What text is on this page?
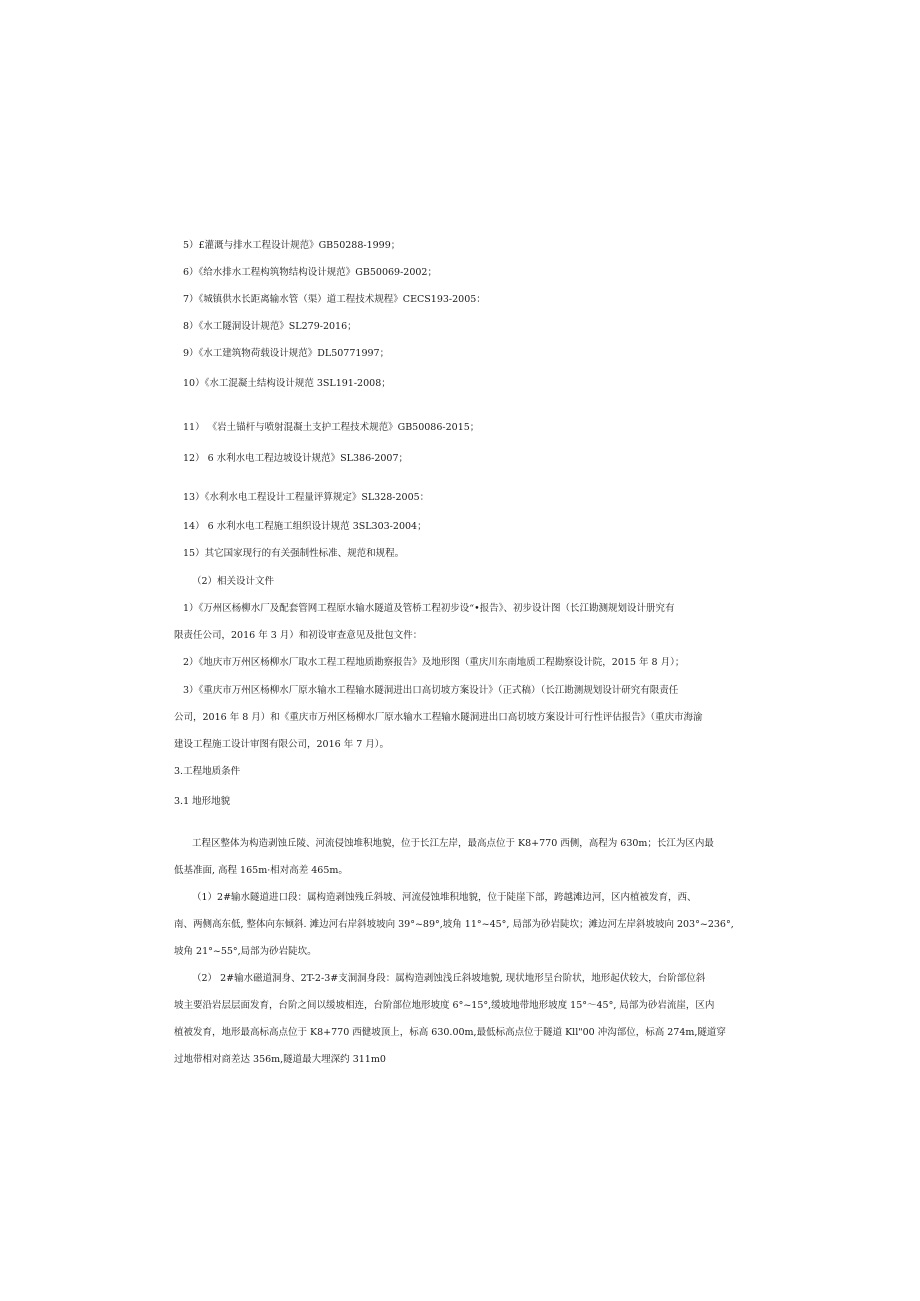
5）£灌溉与排水工程设计规范》GB50288-1999；
6）《给水排水工程构筑物结构设计规范》GB50069-2002；
7）《城镇供水长距离输水管（渠）道工程技术规程》CECS193-2005：
8）《水工隧洞设计规范》SL279-2016；
9）《水工建筑物荷载设计规范》DL50771997；
10）《水工混凝土结构设计规范 3SL191-2008；
11） 《岩土锚杆与喷射混凝土支护工程技术规范》GB50086-2015；
12） 6 水利水电工程边坡设计规范》SL386-2007；
13）《水利水电工程设计工程量评算规定》SL328-2005：
14） 6 水利水电工程施工组织设计规范 3SL303-2004；
15）其它国家现行的有关强制性标准、规范和规程。
（2）相关设计文件
1）《万州区杨柳水厂及配套管网工程原水输水隧道及管桥工程初步设“•报告》、初步设计图（长江勘测规划设计册究有
限责任公司，2016 年 3 月）和初设审查意见及批包文件：
2）《地庆市万州区杨柳水厂取水工程工程地质勘察报告》及地形图（重庆川东南地质工程勘察设计院，2015 年 8 月）；
3）《重庆市万州区杨柳水厂原水输水工程输水隧洞进出口高切坡方案设计》（正式稿）（长江勘测规划设计研究有限责任
公司，2016 年 8 月）和《重庆市万州区杨柳水厂原水输水工程输水隧洞进出口高切坡方案设计可行性评估报告》（重庆市海渝
建设工程施工设计审图有限公司，2016 年 7 月）。
3.工程地质条件
3.1 地形地貌
工程区整体为构造剥蚀丘陵、河流侵蚀堆积地貌，位于长江左岸，最高点位于 K8+770 西侧，高程为 630m；长江为区内最
低基准面, 高程 165m·相对高差 465m。
（1）2#输水隧道进口段：属构造剥蚀残丘斜坡、河流侵蚀堆积地貌，位于陡崖下部，跨越滩边河，区内植被发育，西、
南、两侧高东低, 整体向东倾斜. 滩边河右岸斜坡坡向 39°~89°,坡角 11°~45°, 局部为砂岩陡坎；滩边河左岸斜坡坡向 203°~236°,
坡角 21°~55°,局部为砂岩陡坎。
（2） 2#输水磁道洞身、2T-2-3#支洞洞身段：属构造剥蚀浅丘斜坡地貌, 现状地形呈台阶状，地形起伏较大，台阶部位斜
坡主要沿岩层层面发育，台阶之间以缓坡相连，台阶部位地形坡度 6°~15°,缓坡地带地形坡度 15°～45°, 局部为砂岩流崖，区内
植被发育，地形最高标高点位于 K8+770 西健坡顶上，标高 630.00m,最低标高点位于隧道 Kll"00 冲沟部位，标高 274m,隧道穿
过地带相对商差达 356m,隧道最大埋深约 311m0
